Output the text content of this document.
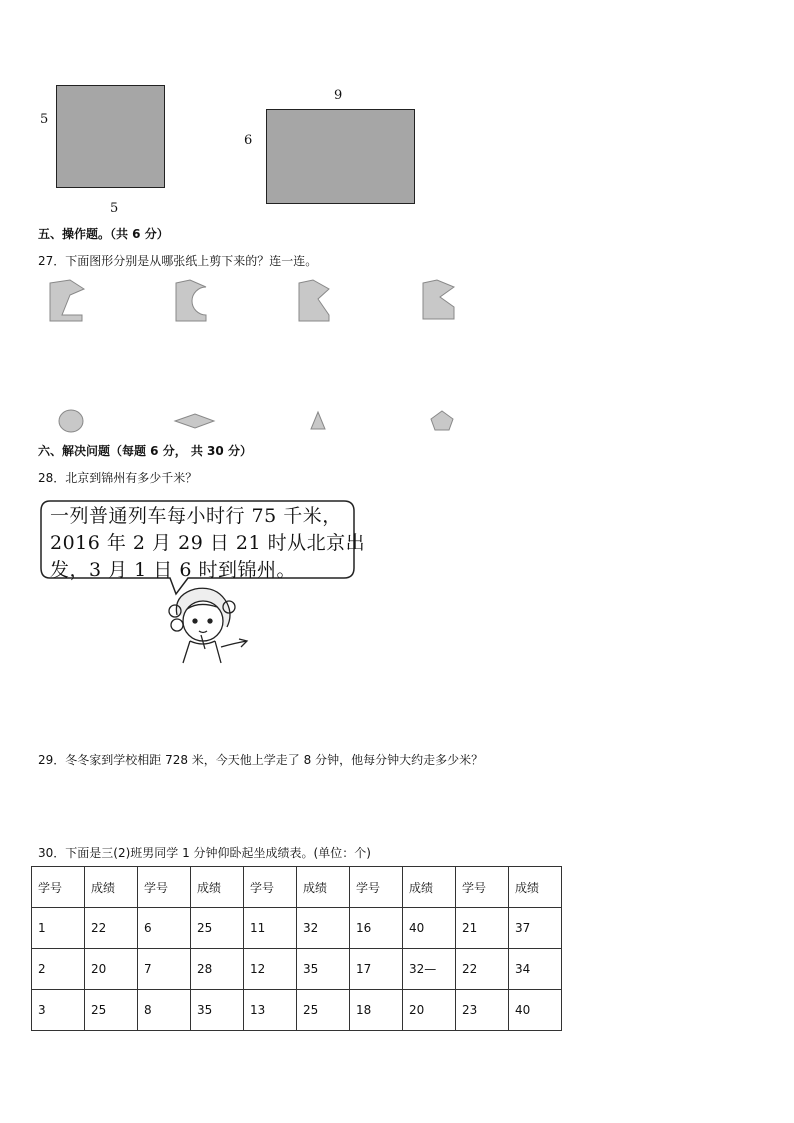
5
5
9
6
五、操作题。（共 6 分）
27．下面图形分别是从哪张纸上剪下来的？连一连。
六、解决问题（每题 6 分， 共 30 分）
28．北京到锦州有多少千米？
一列普通列车每小时行 75 千米，
2016 年 2 月 29 日 21 时从北京出
发，3 月 1 日 6 时到锦州。
29．冬冬家到学校相距 728 米，今天他上学走了 8 分钟，他每分钟大约走多少米？
30．下面是三(2)班男同学 1 分钟仰卧起坐成绩表。(单位：个)
学号	成绩	学号	成绩	学号	成绩	学号	成绩	学号	成绩
1	22	6	25	11	32	16	40	21	37
2	20	7	28	12	35	17	32—	22	34
3	25	8	35	13	25	18	20	23	40
